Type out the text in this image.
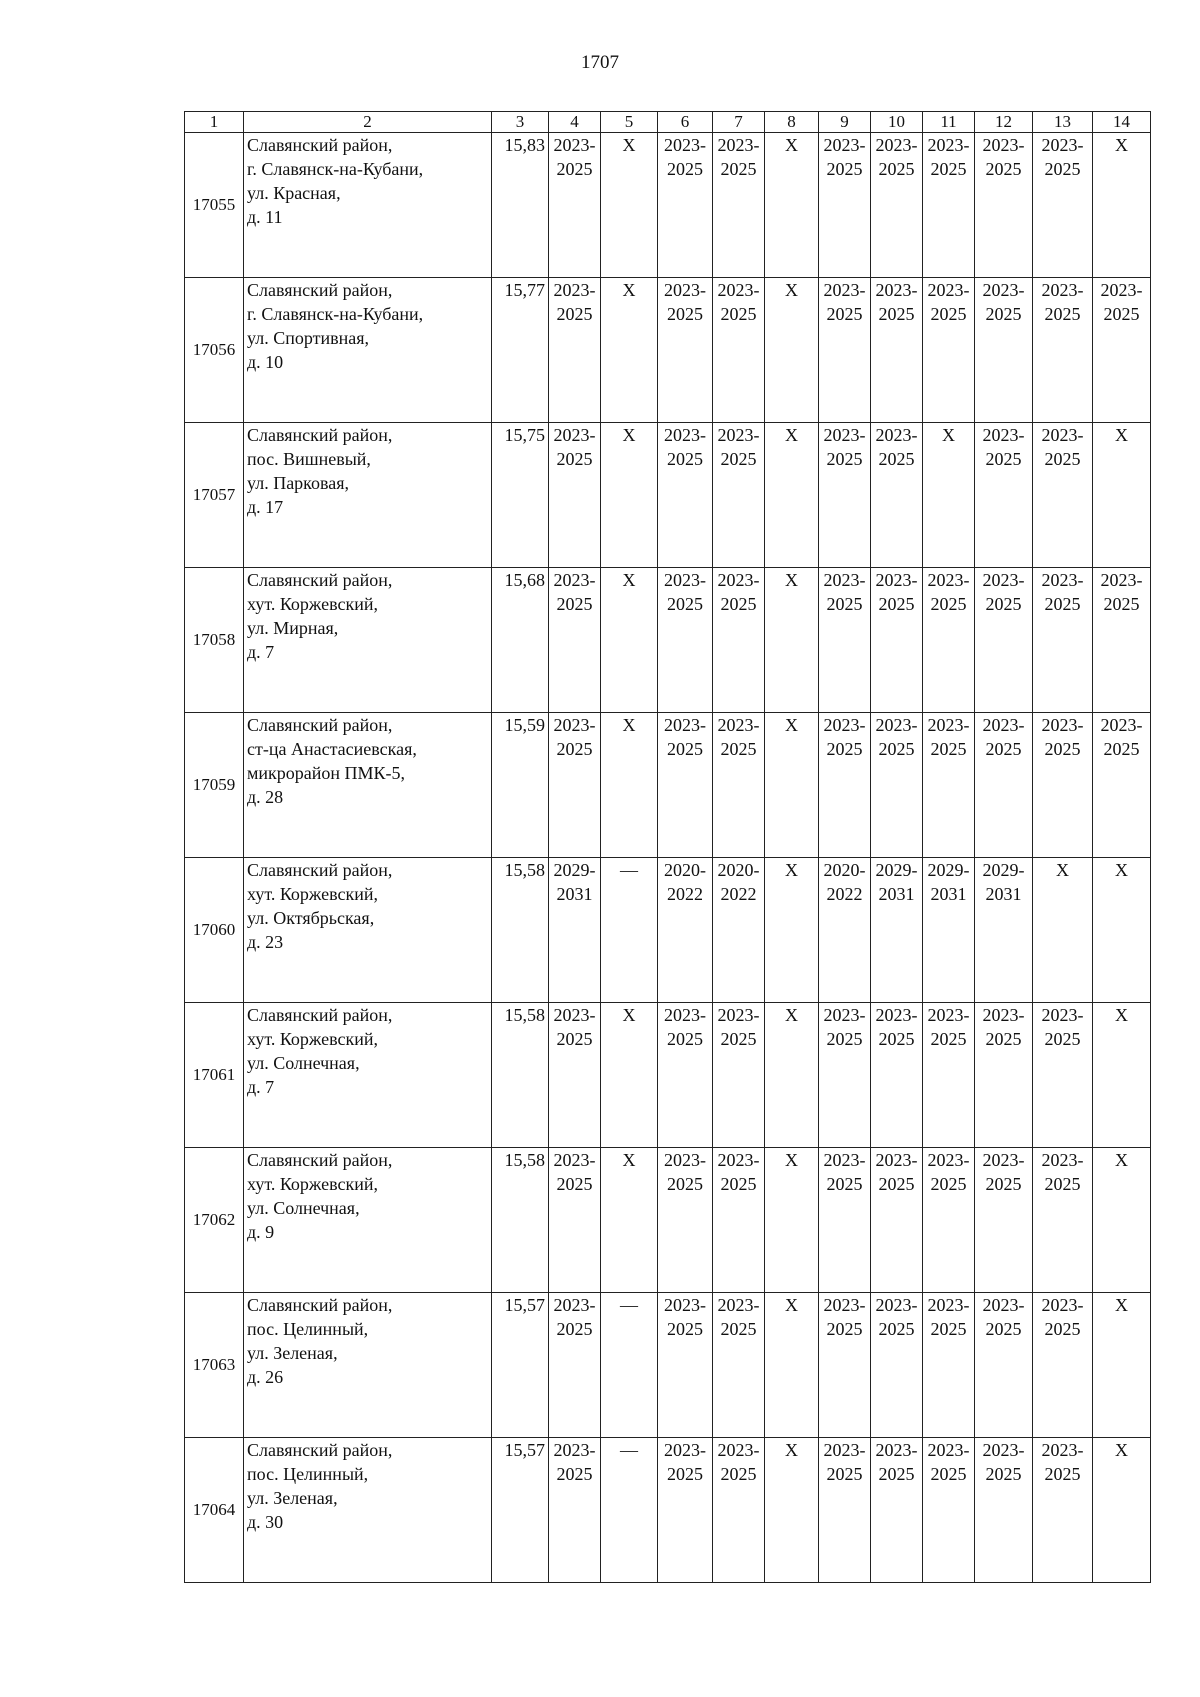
1707
1	2	3	4	5	6	7	8	9	10	11	12	13	14
17055	Славянский район,
г. Славянск-на-Кубани,
ул. Красная,
д. 11	15,83	2023-
2025	X	2023-
2025	2023-
2025	X	2023-
2025	2023-
2025	2023-
2025	2023-
2025	2023-
2025	X

17056	Славянский район,
г. Славянск-на-Кубани,
ул. Спортивная,
д. 10	15,77	2023-
2025	X	2023-
2025	2023-
2025	X	2023-
2025	2023-
2025	2023-
2025	2023-
2025	2023-
2025	2023-
2025

17057	Славянский район,
пос. Вишневый,
ул. Парковая,
д. 17	15,75	2023-
2025	X	2023-
2025	2023-
2025	X	2023-
2025	2023-
2025	X	2023-
2025	2023-
2025	X

17058	Славянский район,
хут. Коржевский,
ул. Мирная,
д. 7	15,68	2023-
2025	X	2023-
2025	2023-
2025	X	2023-
2025	2023-
2025	2023-
2025	2023-
2025	2023-
2025	2023-
2025

17059	Славянский район,
ст-ца Анастасиевская,
микрорайон ПМК-5,
д. 28	15,59	2023-
2025	X	2023-
2025	2023-
2025	X	2023-
2025	2023-
2025	2023-
2025	2023-
2025	2023-
2025	2023-
2025

17060	Славянский район,
хут. Коржевский,
ул. Октябрьская,
д. 23	15,58	2029-
2031	—	2020-
2022	2020-
2022	X	2020-
2022	2029-
2031	2029-
2031	2029-
2031	X	X

17061	Славянский район,
хут. Коржевский,
ул. Солнечная,
д. 7	15,58	2023-
2025	X	2023-
2025	2023-
2025	X	2023-
2025	2023-
2025	2023-
2025	2023-
2025	2023-
2025	X

17062	Славянский район,
хут. Коржевский,
ул. Солнечная,
д. 9	15,58	2023-
2025	X	2023-
2025	2023-
2025	X	2023-
2025	2023-
2025	2023-
2025	2023-
2025	2023-
2025	X

17063	Славянский район,
пос. Целинный,
ул. Зеленая,
д. 26	15,57	2023-
2025	—	2023-
2025	2023-
2025	X	2023-
2025	2023-
2025	2023-
2025	2023-
2025	2023-
2025	X

17064	Славянский район,
пос. Целинный,
ул. Зеленая,
д. 30	15,57	2023-
2025	—	2023-
2025	2023-
2025	X	2023-
2025	2023-
2025	2023-
2025	2023-
2025	2023-
2025	X
